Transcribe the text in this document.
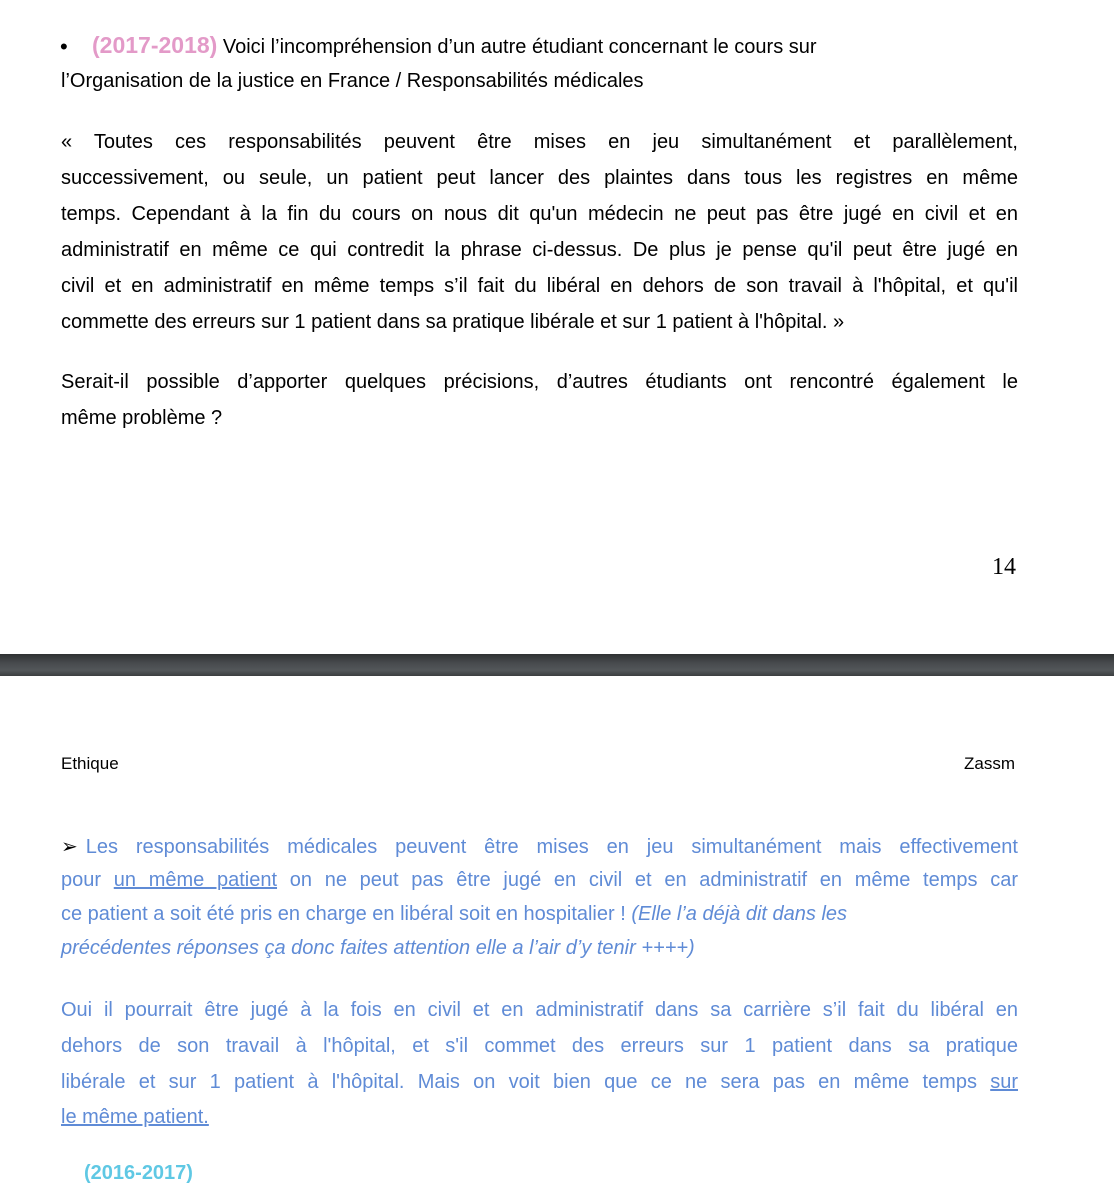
• (2017-2018) Voici l’incompréhension d’un autre étudiant concernant le cours sur
l’Organisation de la justice en France / Responsabilités médicales
« Toutes ces responsabilités peuvent être mises en jeu simultanément et parallèlement,
successivement, ou seule, un patient peut lancer des plaintes dans tous les registres en même
temps. Cependant à la fin du cours on nous dit qu'un médecin ne peut pas être jugé en civil et en
administratif en même ce qui contredit la phrase ci-dessus. De plus je pense qu'il peut être jugé en
civil et en administratif en même temps s’il fait du libéral en dehors de son travail à l'hôpital, et qu'il
commette des erreurs sur 1 patient dans sa pratique libérale et sur 1 patient à l'hôpital. »
Serait-il possible d’apporter quelques précisions, d’autres étudiants ont rencontré également le
même problème ?
14
Ethique	Zassm
➢ Les responsabilités médicales peuvent être mises en jeu simultanément mais effectivement
pour un même patient on ne peut pas être jugé en civil et en administratif en même temps car
ce patient a soit été pris en charge en libéral soit en hospitalier ! (Elle l’a déjà dit dans les
précédentes réponses ça donc faites attention elle a l’air d’y tenir ++++)
Oui il pourrait être jugé à la fois en civil et en administratif dans sa carrière s’il fait du libéral en
dehors de son travail à l'hôpital, et s'il commet des erreurs sur 1 patient dans sa pratique
libérale et sur 1 patient à l'hôpital. Mais on voit bien que ce ne sera pas en même temps sur
le même patient.
(2016-2017)
